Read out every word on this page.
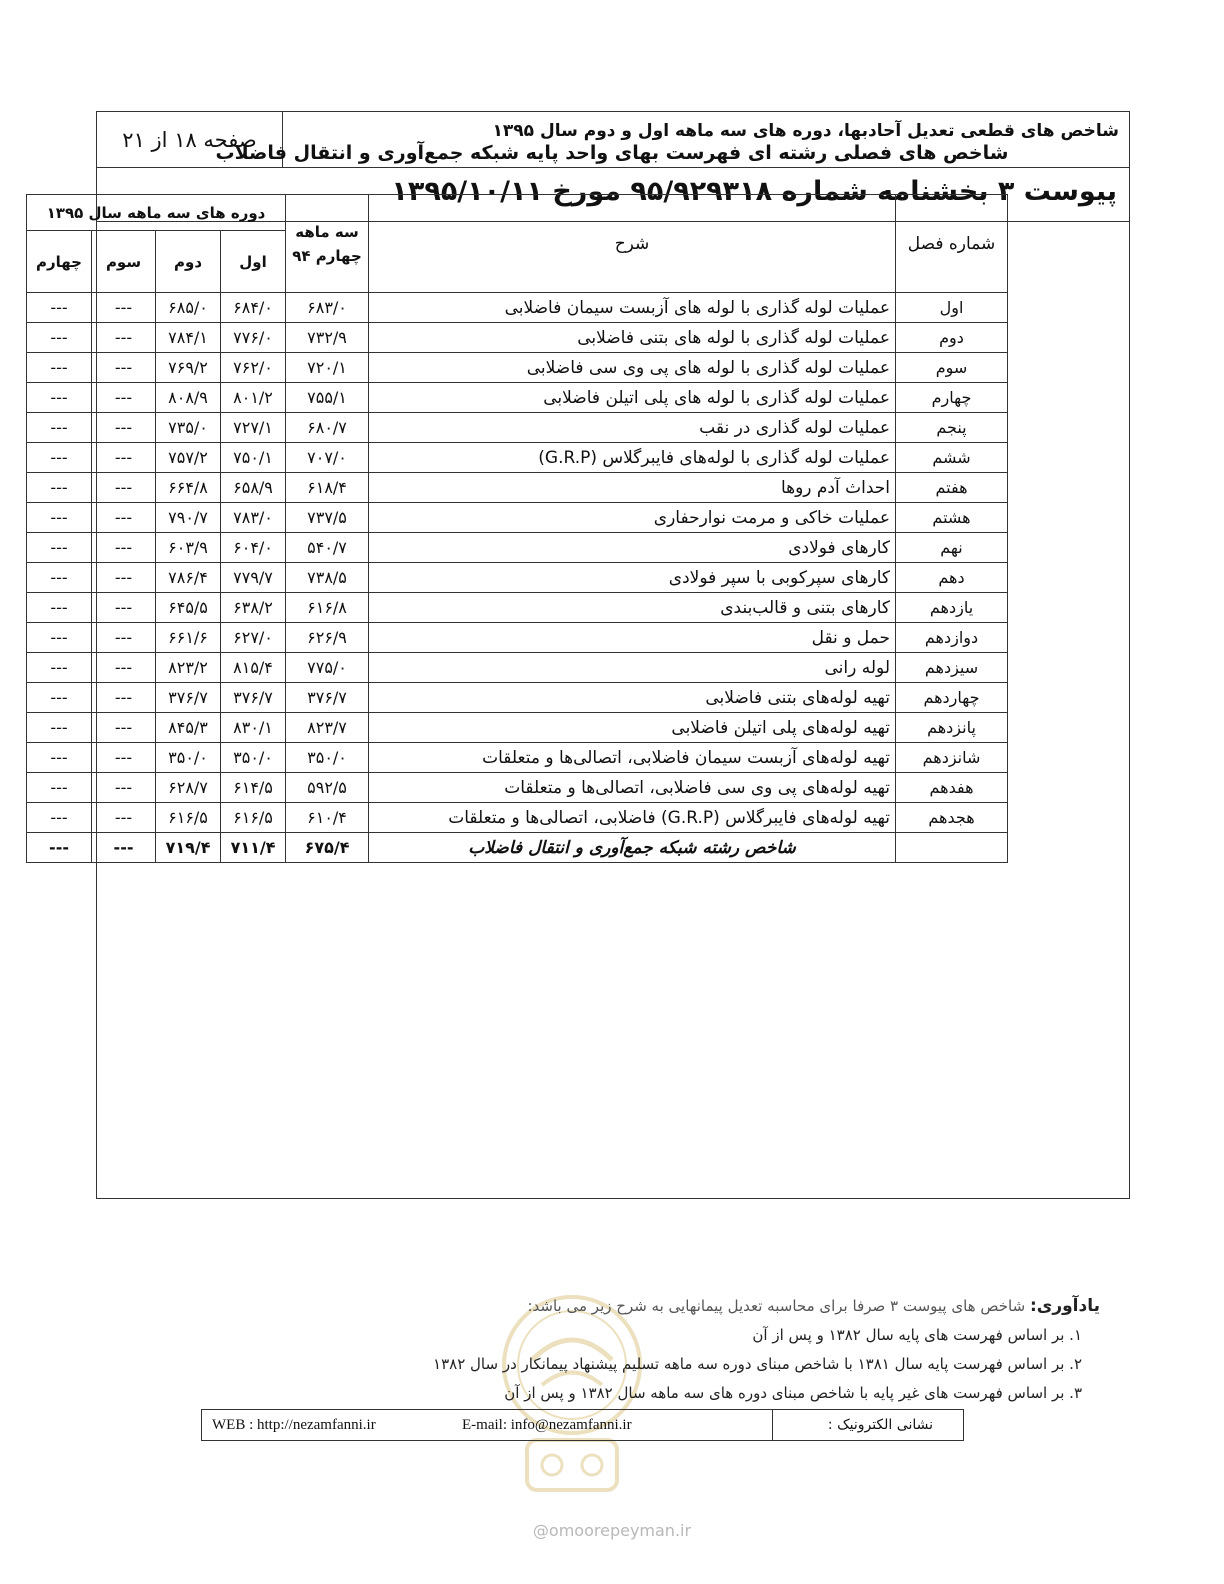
صفحه ۱۸ از ۲۱	شاخص های قطعی تعدیل آحادبها، دوره های سه ماهه اول و دوم سال ۱۳۹۵
پیوست ۳ بخشنامه شماره ۹۵/۹۲۹۳۱۸ مورخ ۱۳۹۵/۱۰/۱۱
شاخص های فصلی رشته ای فهرست بهای واحد پایه شبکه جمع‌آوری و انتقال فاضلاب
شماره فصل	شرح	سه ماهه چهارم ۹۴	دوره های سه ماهه سال ۱۳۹۵			
			اول	دوم	سوم	چهارم
اول	عملیات لوله گذاری با لوله های آزبست سیمان فاضلابی	۶۸۳/۰	۶۸۴/۰	۶۸۵/۰	---	---
دوم	عملیات لوله گذاری با لوله های بتنی فاضلابی	۷۳۲/۹	۷۷۶/۰	۷۸۴/۱	---	---
سوم	عملیات لوله گذاری با لوله های پی وی سی فاضلابی	۷۲۰/۱	۷۶۲/۰	۷۶۹/۲	---	---
چهارم	عملیات لوله گذاری با لوله های پلی اتیلن فاضلابی	۷۵۵/۱	۸۰۱/۲	۸۰۸/۹	---	---
پنجم	عملیات لوله گذاری در نقب	۶۸۰/۷	۷۲۷/۱	۷۳۵/۰	---	---
ششم	عملیات لوله گذاری با لوله‌های فایبرگلاس (G.R.P)	۷۰۷/۰	۷۵۰/۱	۷۵۷/۲	---	---
هفتم	احداث آدم روها	۶۱۸/۴	۶۵۸/۹	۶۶۴/۸	---	---
هشتم	عملیات خاکی و مرمت نوارحفاری	۷۳۷/۵	۷۸۳/۰	۷۹۰/۷	---	---
نهم	کارهای فولادی	۵۴۰/۷	۶۰۴/۰	۶۰۳/۹	---	---
دهم	کارهای سپرکوبی با سپر فولادی	۷۳۸/۵	۷۷۹/۷	۷۸۶/۴	---	---
یازدهم	کارهای بتنی و قالب‌بندی	۶۱۶/۸	۶۳۸/۲	۶۴۵/۵	---	---
دوازدهم	حمل و نقل	۶۲۶/۹	۶۲۷/۰	۶۶۱/۶	---	---
سیزدهم	لوله رانی	۷۷۵/۰	۸۱۵/۴	۸۲۳/۲	---	---
چهاردهم	تهیه لوله‌های بتنی فاضلابی	۳۷۶/۷	۳۷۶/۷	۳۷۶/۷	---	---
پانزدهم	تهیه لوله‌های پلی اتیلن فاضلابی	۸۲۳/۷	۸۳۰/۱	۸۴۵/۳	---	---
شانزدهم	تهیه لوله‌های آزبست سیمان فاضلابی، اتصالی‌ها و متعلقات	۳۵۰/۰	۳۵۰/۰	۳۵۰/۰	---	---
هفدهم	تهیه لوله‌های پی وی سی فاضلابی، اتصالی‌ها و متعلقات	۵۹۲/۵	۶۱۴/۵	۶۲۸/۷	---	---
هجدهم	تهیه لوله‌های فایبرگلاس (G.R.P) فاضلابی، اتصالی‌ها و متعلقات	۶۱۰/۴	۶۱۶/۵	۶۱۶/۵	---	---
	شاخص رشته شبکه جمع‌آوری و انتقال فاضلاب	۶۷۵/۴	۷۱۱/۴	۷۱۹/۴	---	---
یادآوری: شاخص های پیوست ۳ صرفا برای محاسبه تعدیل پیمانهایی به شرح زیر می باشد:
۱. بر اساس فهرست های پایه سال ۱۳۸۲ و پس از آن
۲. بر اساس فهرست پایه سال ۱۳۸۱ با شاخص مبنای دوره سه ماهه تسلیم پیشنهاد پیمانکار در سال ۱۳۸۲
۳. بر اساس فهرست های غیر پایه با شاخص مبنای دوره های سه ماهه سال ۱۳۸۲ و پس از آن
نشانی الکترونیک :
E-mail: info@nezamfanni.ir
WEB : http://nezamfanni.ir
@omoorepeyman.ir
